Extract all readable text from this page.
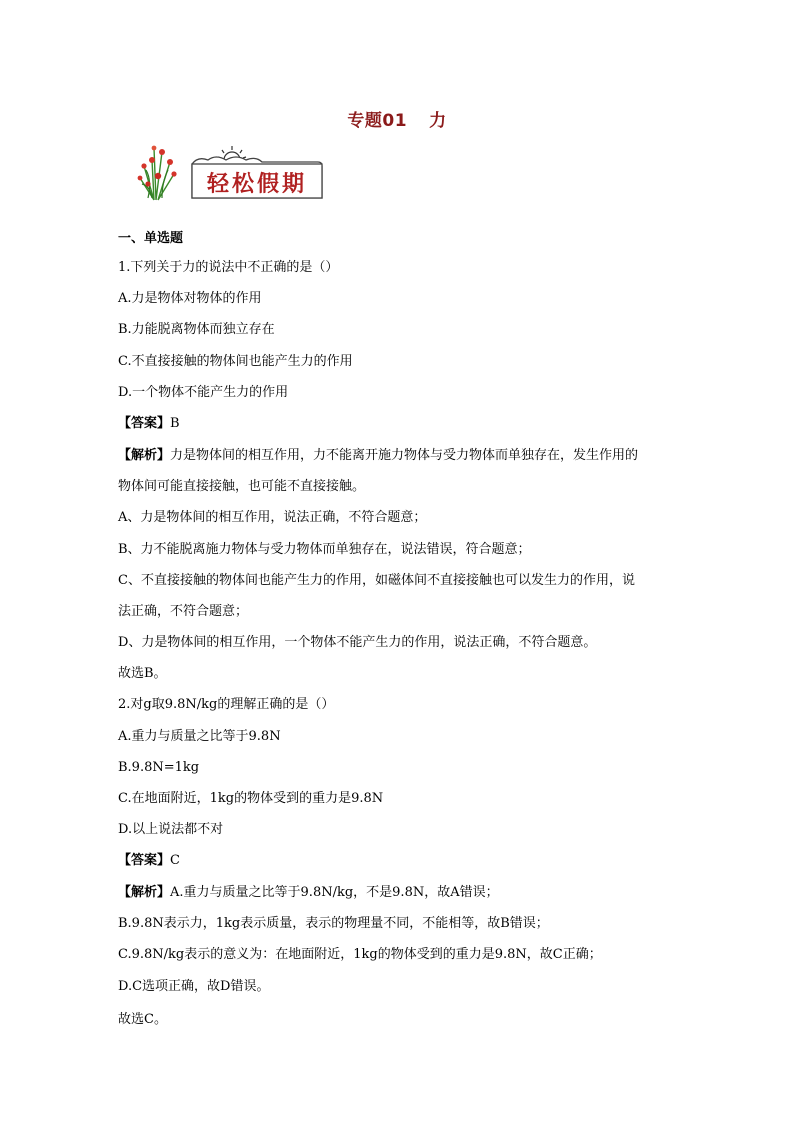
专题01 力
轻松假期
一、单选题
1.下列关于力的说法中不正确的是（）
A.力是物体对物体的作用
B.力能脱离物体而独立存在
C.不直接接触的物体间也能产生力的作用
D.一个物体不能产生力的作用
【答案】B
【解析】力是物体间的相互作用，力不能离开施力物体与受力物体而单独存在，发生作用的
物体间可能直接接触，也可能不直接接触。
A、力是物体间的相互作用，说法正确，不符合题意；
B、力不能脱离施力物体与受力物体而单独存在，说法错误，符合题意；
C、不直接接触的物体间也能产生力的作用，如磁体间不直接接触也可以发生力的作用，说
法正确，不符合题意；
D、力是物体间的相互作用，一个物体不能产生力的作用，说法正确，不符合题意。
故选B。
2.对g取9.8N/kg的理解正确的是（）
A.重力与质量之比等于9.8N
B.9.8N=1kg
C.在地面附近，1kg的物体受到的重力是9.8N
D.以上说法都不对
【答案】C
【解析】A.重力与质量之比等于9.8N/kg，不是9.8N，故A错误；
B.9.8N表示力，1kg表示质量，表示的物理量不同，不能相等，故B错误；
C.9.8N/kg表示的意义为：在地面附近，1kg的物体受到的重力是9.8N，故C正确；
D.C选项正确，故D错误。
故选C。
